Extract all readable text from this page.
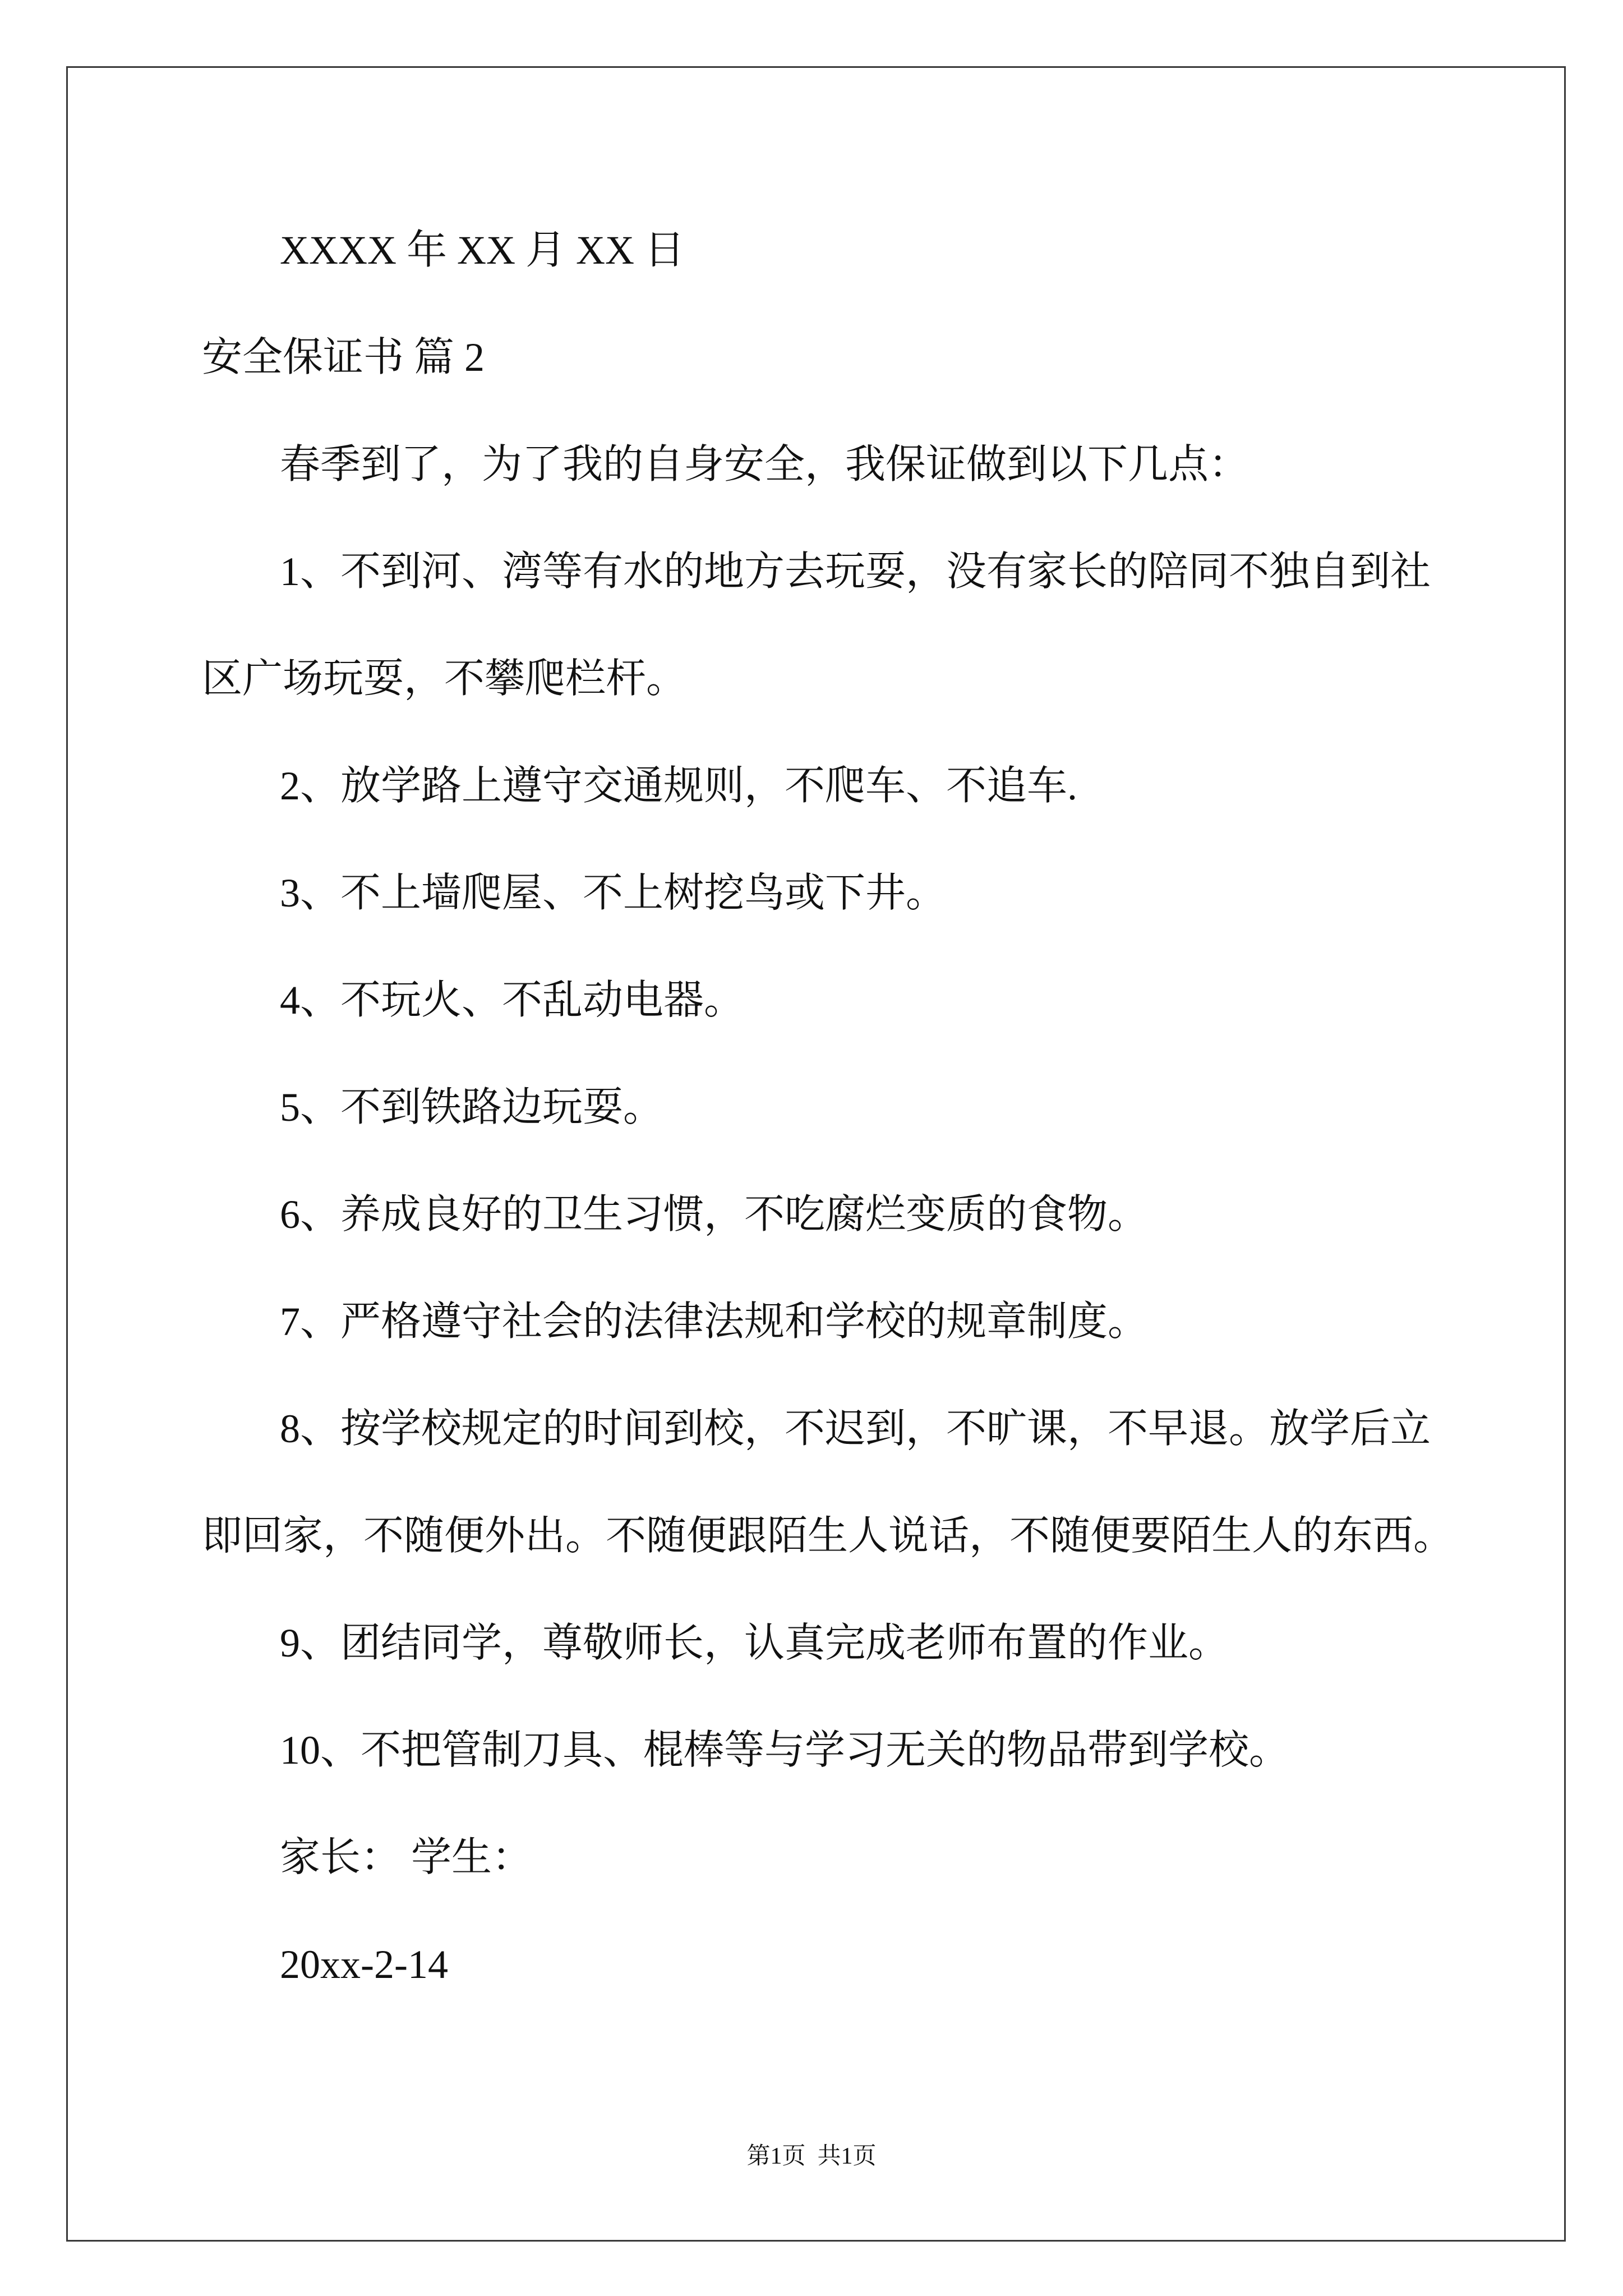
XXXX 年 XX 月 XX 日
安全保证书 篇 2
春季到了，为了我的自身安全，我保证做到以下几点：
1、不到河、湾等有水的地方去玩耍，没有家长的陪同不独自到社
区广场玩耍，不攀爬栏杆。
2、放学路上遵守交通规则，不爬车、不追车.
3、不上墙爬屋、不上树挖鸟或下井。
4、不玩火、不乱动电器。
5、不到铁路边玩耍。
6、养成良好的卫生习惯，不吃腐烂变质的食物。
7、严格遵守社会的法律法规和学校的规章制度。
8、按学校规定的时间到校，不迟到，不旷课，不早退。放学后立
即回家，不随便外出。不随便跟陌生人说话，不随便要陌生人的东西。
9、团结同学，尊敬师长，认真完成老师布置的作业。
10、不把管制刀具、棍棒等与学习无关的物品带到学校。
家长： 学生：
20xx-2-14
第1页  共1页
